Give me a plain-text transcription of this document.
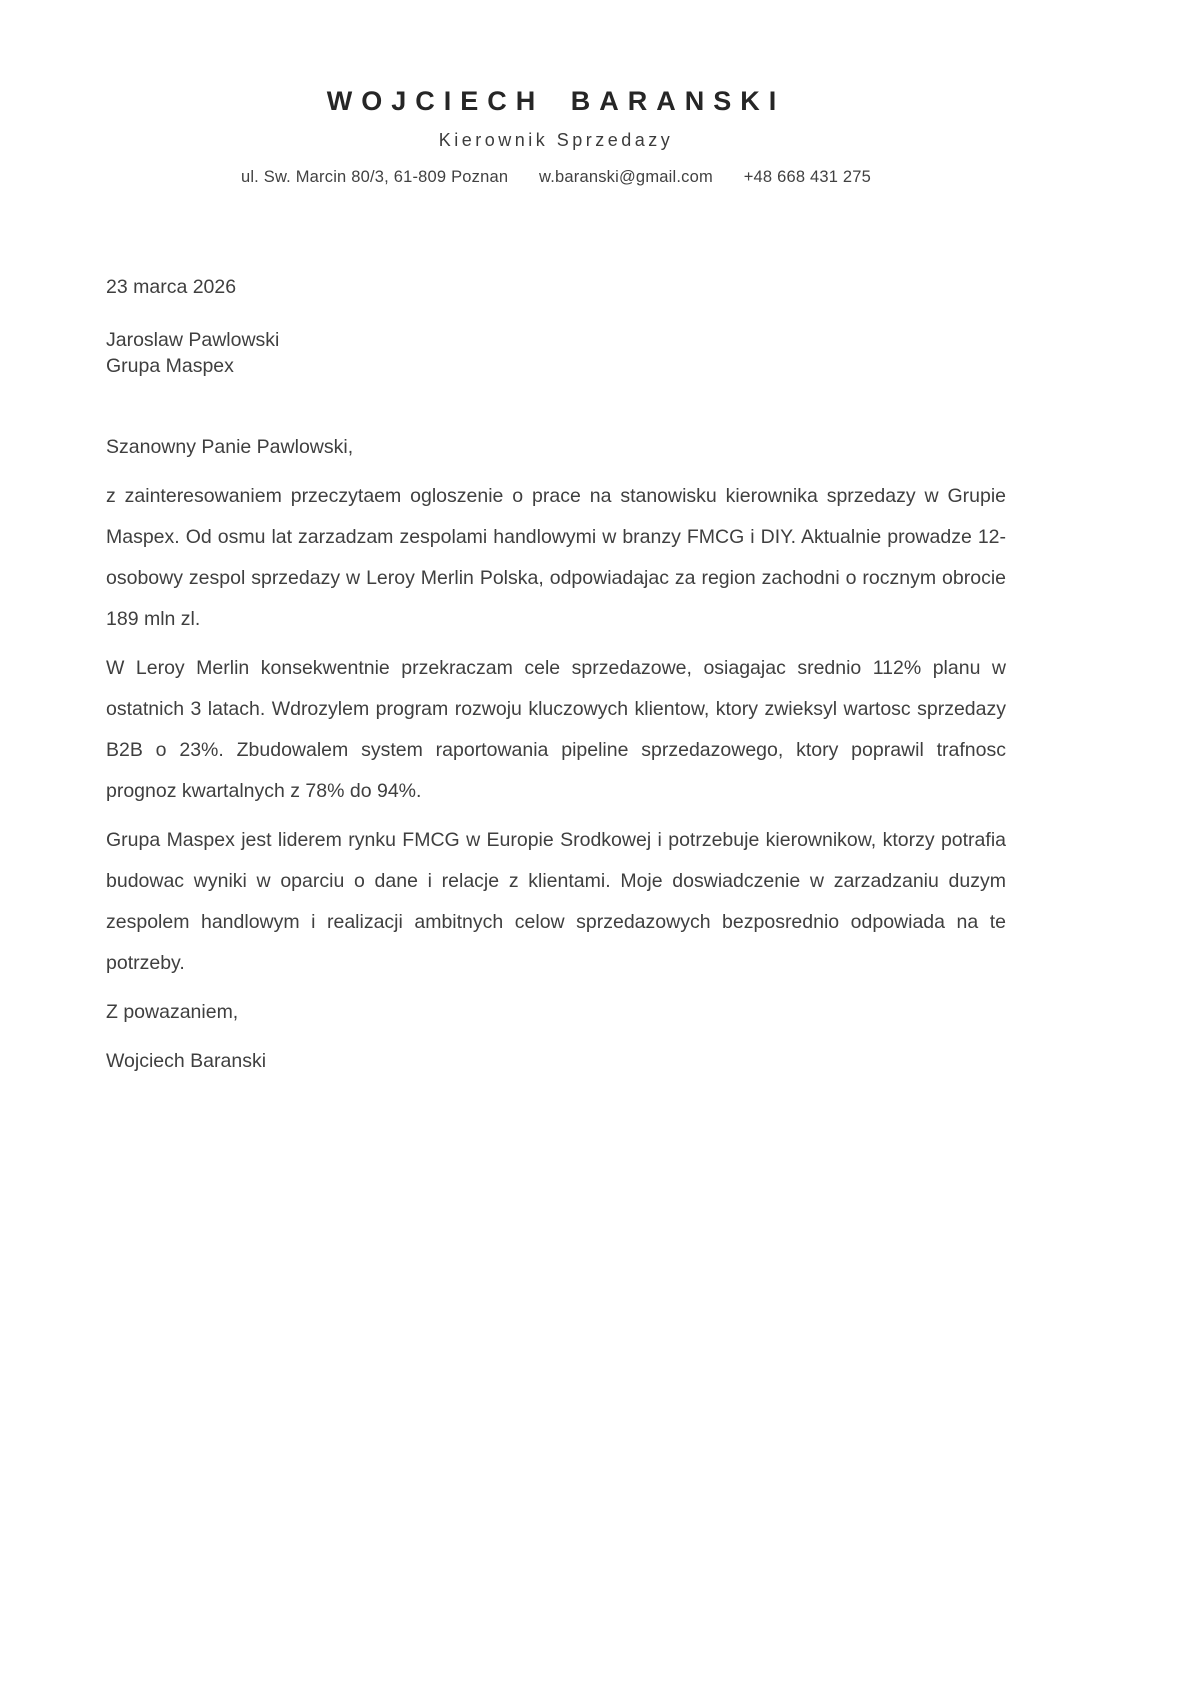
WOJCIECH BARANSKI
Kierownik Sprzedazy
ul. Sw. Marcin 80/3, 61-809 Poznan w.baranski@gmail.com +48 668 431 275

23 marca 2026

Jaroslaw Pawlowski
Grupa Maspex

Szanowny Panie Pawlowski,

z zainteresowaniem przeczytaem ogloszenie o prace na stanowisku kierownika sprzedazy w Grupie Maspex. Od osmu lat zarzadzam zespolami handlowymi w branzy FMCG i DIY. Aktualnie prowadze 12-osobowy zespol sprzedazy w Leroy Merlin Polska, odpowiadajac za region zachodni o rocznym obrocie 189 mln zl.

W Leroy Merlin konsekwentnie przekraczam cele sprzedazowe, osiagajac srednio 112% planu w ostatnich 3 latach. Wdrozylem program rozwoju kluczowych klientow, ktory zwieksyl wartosc sprzedazy B2B o 23%. Zbudowalem system raportowania pipeline sprzedazowego, ktory poprawil trafnosc prognoz kwartalnych z 78% do 94%.

Grupa Maspex jest liderem rynku FMCG w Europie Srodkowej i potrzebuje kierownikow, ktorzy potrafia budowac wyniki w oparciu o dane i relacje z klientami. Moje doswiadczenie w zarzadzaniu duzym zespolem handlowym i realizacji ambitnych celow sprzedazowych bezposrednio odpowiada na te potrzeby.

Z powazaniem,

Wojciech Baranski
